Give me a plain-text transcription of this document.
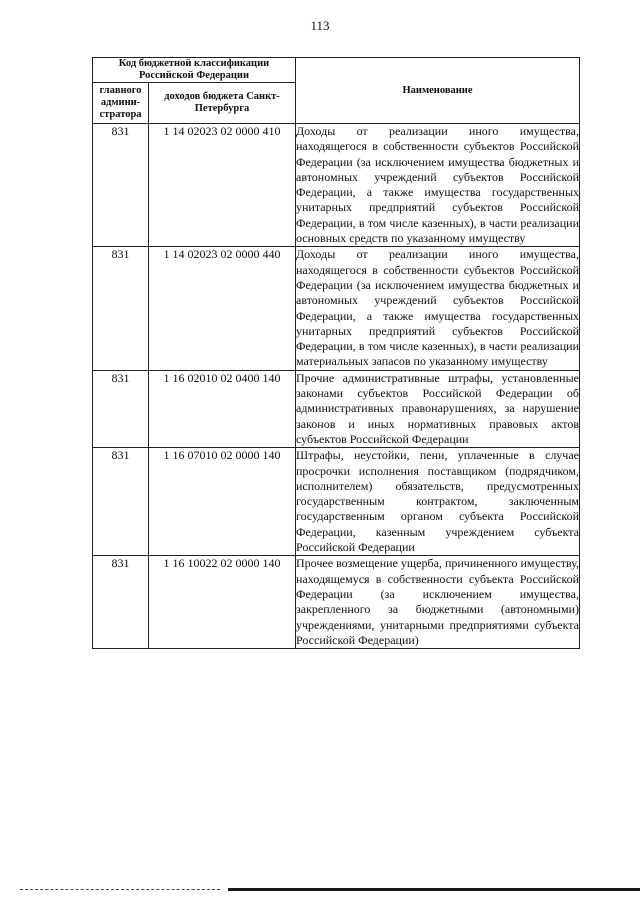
113
Код бюджетной классификации Российской Федерации		Наименование
главного админи-стратора	доходов бюджета Санкт-Петербурга	
831	1 14 02023 02 0000 410	Доходы от реализации иного имущества, находящегося в собственности субъектов Российской Федерации (за исключением имущества бюджетных и автономных учреждений субъектов Российской Федерации, а также имущества государственных унитарных предприятий субъектов Российской Федерации, в том числе казенных), в части реализации основных средств по указанному имуществу
831	1 14 02023 02 0000 440	Доходы от реализации иного имущества, находящегося в собственности субъектов Российской Федерации (за исключением имущества бюджетных и автономных учреждений субъектов Российской Федерации, а также имущества государственных унитарных предприятий субъектов Российской Федерации, в том числе казенных), в части реализации материальных запасов по указанному имуществу
831	1 16 02010 02 0400 140	Прочие административные штрафы, установленные законами субъектов Российской Федерации об административных правонарушениях, за нарушение законов и иных нормативных правовых актов субъектов Российской Федерации
831	1 16 07010 02 0000 140	Штрафы, неустойки, пени, уплаченные в случае просрочки исполнения поставщиком (подрядчиком, исполнителем) обязательств, предусмотренных государственным контрактом, заключенным государственным органом субъекта Российской Федерации, казенным учреждением субъекта Российской Федерации
831	1 16 10022 02 0000 140	Прочее возмещение ущерба, причиненного имуществу, находящемуся в собственности субъекта Российской Федерации (за исключением имущества, закрепленного за бюджетными (автономными) учреждениями, унитарными предприятиями субъекта Российской Федерации)
